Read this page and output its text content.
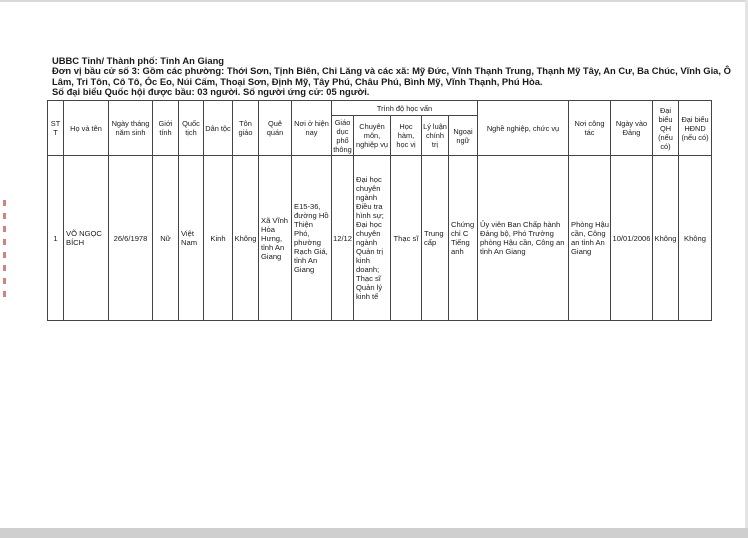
UBBC Tỉnh/ Thành phố: Tỉnh An Giang

Đơn vị bầu cử số 3: Gồm các phường: Thới Sơn, Tịnh Biên, Chi Lăng và các xã: Mỹ Đức, Vĩnh Thạnh Trung, Thạnh Mỹ Tây, An Cư, Ba Chúc, Vĩnh Gia, Ô Lâm, Tri Tôn, Cô Tô, Óc Eo, Núi Cấm, Thoại Sơn, Định Mỹ, Tây Phú, Châu Phú, Bình Mỹ, Vĩnh Thạnh, Phú Hòa.

Số đại biểu Quốc hội được bầu: 03 người. Số người ứng cử: 05 người.

STT	Họ và tên	Ngày tháng năm sinh	Giới tính	Quốc tịch	Dân tộc	Tôn giáo	Quê quán	Nơi ở hiện nay	Trình độ học vấn					Nghề nghiệp, chức vụ	Nơi công tác	Ngày vào Đảng	Đại biểu QH (nếu có)	Đại biểu HĐND (nếu có)
									Giáo dục phổ thông	Chuyên môn, nghiệp vụ	Học hàm, học vị	Lý luận chính trị	Ngoại ngữ					
1	VÕ NGỌC BÍCH	26/6/1978	Nữ	Việt Nam	Kinh	Không	Xã Vĩnh Hòa Hưng, tỉnh An Giang	E15-36, đường Hồ Thiện Phó, phường Rạch Giá, tỉnh An Giang	12/12	Đại học chuyên ngành Điều tra hình sự; Đại học chuyên ngành Quản trị kinh doanh; Thạc sĩ Quản lý kinh tế	Thạc sĩ	Trung cấp	Chứng chỉ C Tiếng anh	Ủy viên Ban Chấp hành Đảng bộ, Phó Trưởng phòng Hậu cần, Công an tỉnh An Giang	Phòng Hậu cần, Công an tỉnh An Giang	10/01/2006	Không	Không
